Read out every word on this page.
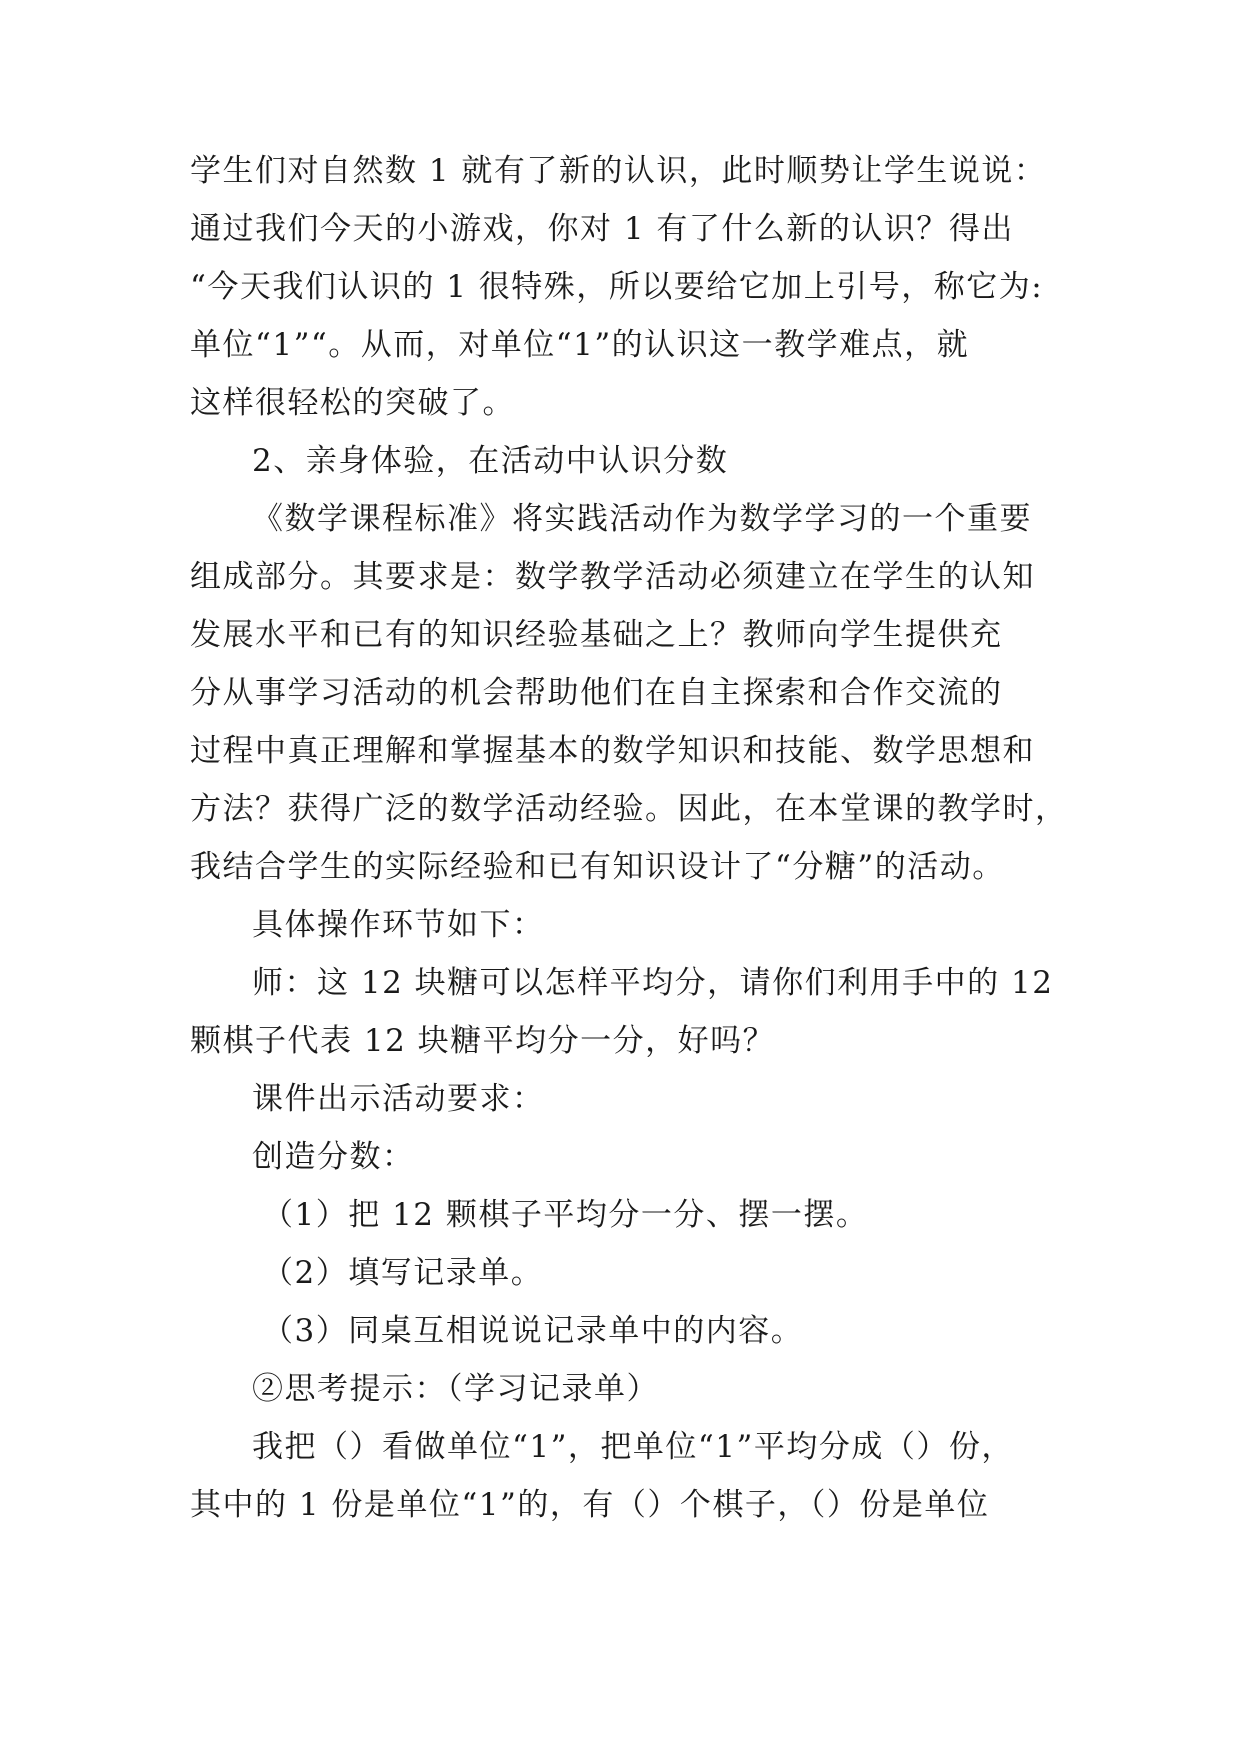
学生们对自然数 1 就有了新的认识，此时顺势让学生说说：
通过我们今天的小游戏，你对 1 有了什么新的认识？得出
“今天我们认识的 1 很特殊，所以要给它加上引号，称它为:
单位“1”“。从而，对单位“1”的认识这一教学难点，就
这样很轻松的突破了。
2、亲身体验，在活动中认识分数
《数学课程标准》将实践活动作为数学学习的一个重要
组成部分。其要求是：数学教学活动必须建立在学生的认知
发展水平和已有的知识经验基础之上？教师向学生提供充
分从事学习活动的机会帮助他们在自主探索和合作交流的
过程中真正理解和掌握基本的数学知识和技能、数学思想和
方法？获得广泛的数学活动经验。因此，在本堂课的教学时，
我结合学生的实际经验和已有知识设计了“分糖”的活动。
具体操作环节如下：
师：这 12 块糖可以怎样平均分，请你们利用手中的 12
颗棋子代表 12 块糖平均分一分，好吗？
课件出示活动要求：
创造分数：
（1）把 12 颗棋子平均分一分、摆一摆。
（2）填写记录单。
（3）同桌互相说说记录单中的内容。
②思考提示：（学习记录单）
我把（）看做单位“1”，把单位“1”平均分成（）份，
其中的 1 份是单位“1”的，有（）个棋子，（）份是单位
